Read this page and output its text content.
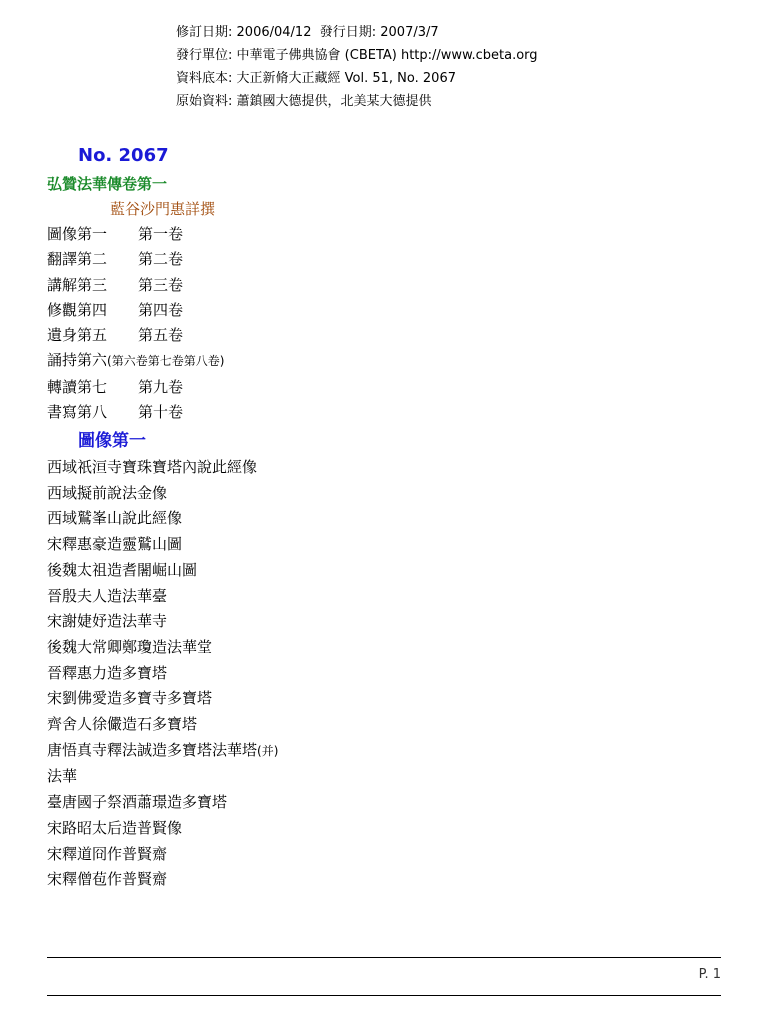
修訂日期: 2006/04/12 發行日期: 2007/3/7
發行單位: 中華電子佛典協會 (CBETA) http://www.cbeta.org
資料底本: 大正新脩大正藏經 Vol. 51, No. 2067
原始資料: 蕭鎮國大德提供，北美某大德提供
No. 2067
弘贊法華傳卷第一
藍谷沙門惠詳撰
圖像第一 第一卷
翻譯第二 第二卷
講解第三 第三卷
修觀第四 第四卷
遺身第五 第五卷
誦持第六(第六卷第七卷第八卷)
轉讀第七 第九卷
書寫第八 第十卷
圖像第一
西域祇洹寺寶珠寶塔內說此經像
西域擬前說法金像
西域鷲峯山說此經像
宋釋惠豪造靈鷲山圖
後魏太祖造耆闍崛山圖
晉殷夫人造法華臺
宋謝婕妤造法華寺
後魏大常卿鄭瓊造法華堂
晉釋惠力造多寶塔
宋劉佛愛造多寶寺多寶塔
齊舍人徐儼造石多寶塔
唐悟真寺釋法誠造多寶塔法華塔(并)
法華
臺唐國子祭酒蕭璟造多寶塔
宋路昭太后造普賢像
宋釋道冏作普賢齋
宋釋僧苞作普賢齋
P. 1
